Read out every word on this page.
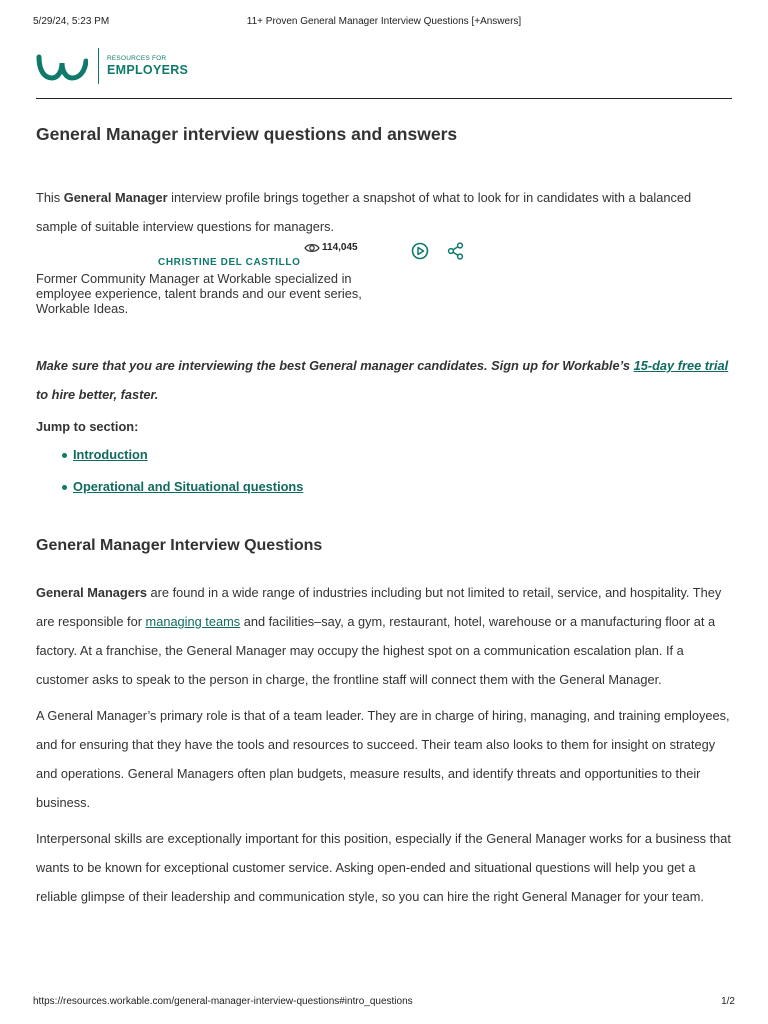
5/29/24, 5:23 PM	11+ Proven General Manager Interview Questions [+Answers]
RESOURCES FOR
EMPLOYERS
General Manager interview questions and answers

This General Manager interview profile brings together a snapshot of what to look for in candidates with a balanced sample of suitable interview questions for managers.

CHRISTINE DEL CASTILLO
114,045
Former Community Manager at Workable specialized in employee experience, talent brands and our event series, Workable Ideas.

Make sure that you are interviewing the best General manager candidates. Sign up for Workable’s 15-day free trial to hire better, faster.

Jump to section:
Introduction
Operational and Situational questions
General Manager Interview Questions

General Managers are found in a wide range of industries including but not limited to retail, service, and hospitality. They are responsible for managing teams and facilities–say, a gym, restaurant, hotel, warehouse or a manufacturing floor at a factory. At a franchise, the General Manager may occupy the highest spot on a communication escalation plan. If a customer asks to speak to the person in charge, the frontline staff will connect them with the General Manager.

A General Manager’s primary role is that of a team leader. They are in charge of hiring, managing, and training employees, and for ensuring that they have the tools and resources to succeed. Their team also looks to them for insight on strategy and operations. General Managers often plan budgets, measure results, and identify threats and opportunities to their business.

Interpersonal skills are exceptionally important for this position, especially if the General Manager works for a business that wants to be known for exceptional customer service. Asking open-ended and situational questions will help you get a reliable glimpse of their leadership and communication style, so you can hire the right General Manager for your team.

https://resources.workable.com/general-manager-interview-questions#intro_questions	1/2
